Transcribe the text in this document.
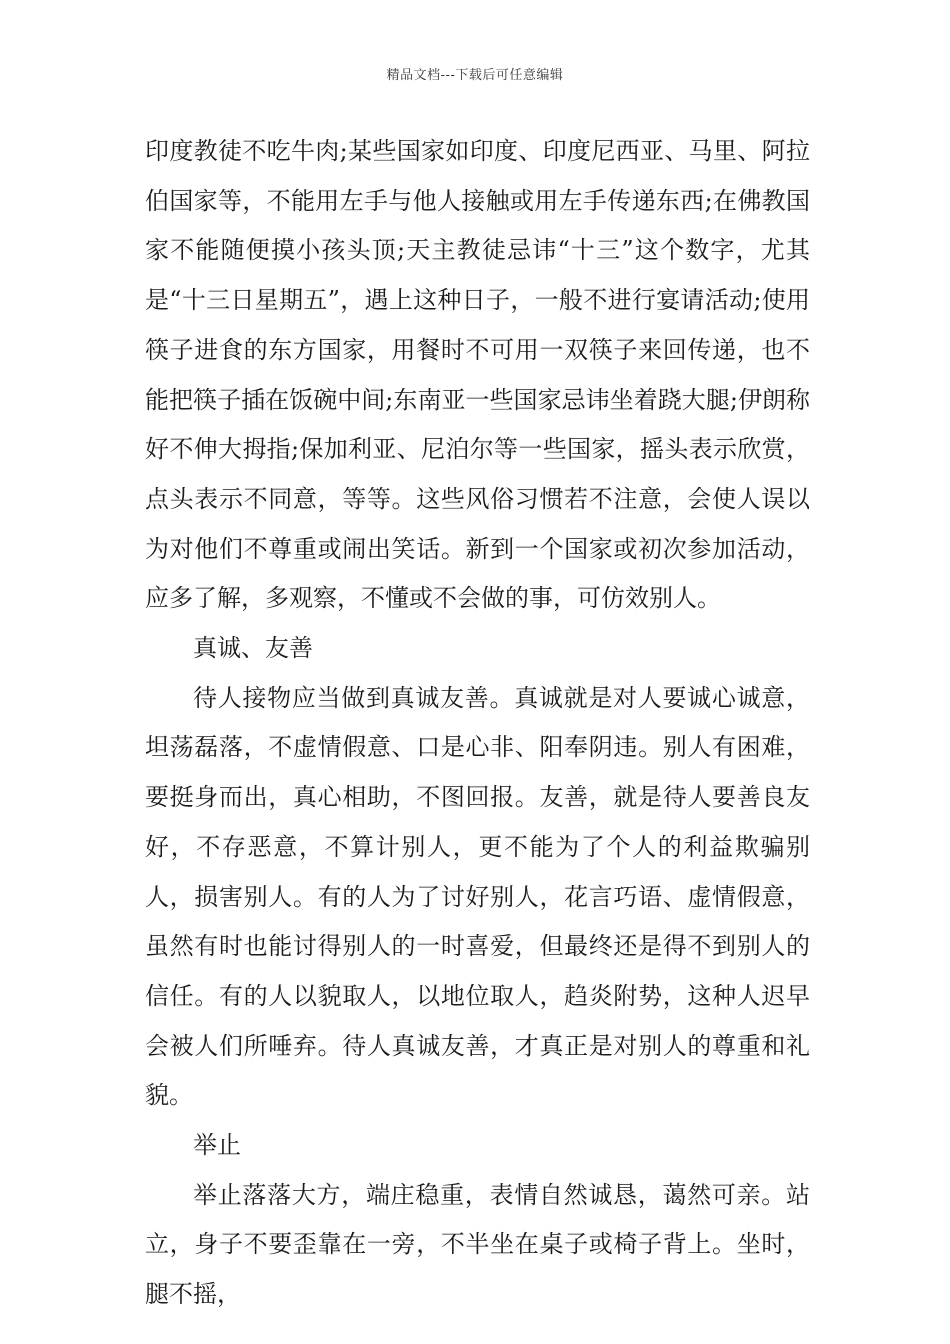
精品文档---下载后可任意编辑

印度教徒不吃牛肉;某些国家如印度、印度尼西亚、马里、阿拉伯国家等，不能用左手与他人接触或用左手传递东西;在佛教国家不能随便摸小孩头顶;天主教徒忌讳“十三”这个数字，尤其是“十三日星期五”，遇上这种日子，一般不进行宴请活动;使用筷子进食的东方国家，用餐时不可用一双筷子来回传递，也不能把筷子插在饭碗中间;东南亚一些国家忌讳坐着跷大腿;伊朗称好不伸大拇指;保加利亚、尼泊尔等一些国家，摇头表示欣赏，点头表示不同意，等等。这些风俗习惯若不注意，会使人误以为对他们不尊重或闹出笑话。新到一个国家或初次参加活动，应多了解，多观察，不懂或不会做的事，可仿效别人。

真诚、友善

待人接物应当做到真诚友善。真诚就是对人要诚心诚意，坦荡磊落，不虚情假意、口是心非、阳奉阴违。别人有困难，要挺身而出，真心相助，不图回报。友善，就是待人要善良友好，不存恶意，不算计别人，更不能为了个人的利益欺骗别人，损害别人。有的人为了讨好别人，花言巧语、虚情假意，虽然有时也能讨得别人的一时喜爱，但最终还是得不到别人的信任。有的人以貌取人，以地位取人，趋炎附势，这种人迟早会被人们所唾弃。待人真诚友善，才真正是对别人的尊重和礼貌。

举止

举止落落大方，端庄稳重，表情自然诚恳，蔼然可亲。站立，身子不要歪靠在一旁，不半坐在桌子或椅子背上。坐时，腿不摇，
